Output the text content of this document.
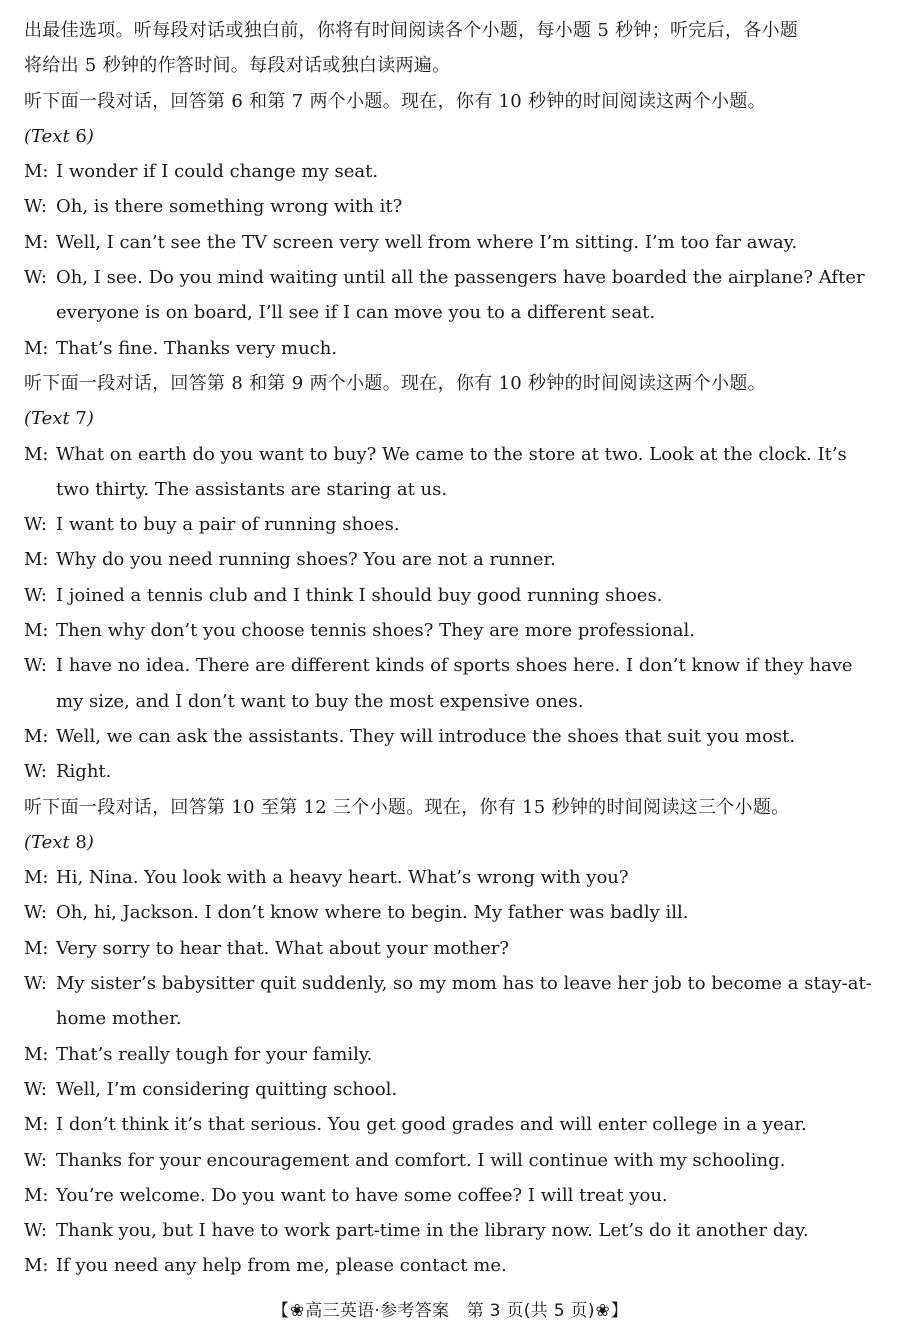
出最佳选项。听每段对话或独白前，你将有时间阅读各个小题，每小题 5 秒钟；听完后，各小题
将给出 5 秒钟的作答时间。每段对话或独白读两遍。
听下面一段对话，回答第 6 和第 7 两个小题。现在，你有 10 秒钟的时间阅读这两个小题。
(Text 6)
M: I wonder if I could change my seat.
W: Oh, is there something wrong with it?
M: Well, I can’t see the TV screen very well from where I’m sitting. I’m too far away.
W: Oh, I see. Do you mind waiting until all the passengers have boarded the airplane? After
everyone is on board, I’ll see if I can move you to a different seat.
M: That’s fine. Thanks very much.
听下面一段对话，回答第 8 和第 9 两个小题。现在，你有 10 秒钟的时间阅读这两个小题。
(Text 7)
M: What on earth do you want to buy? We came to the store at two. Look at the clock. It’s
two thirty. The assistants are staring at us.
W: I want to buy a pair of running shoes.
M: Why do you need running shoes? You are not a runner.
W: I joined a tennis club and I think I should buy good running shoes.
M: Then why don’t you choose tennis shoes? They are more professional.
W: I have no idea. There are different kinds of sports shoes here. I don’t know if they have
my size, and I don’t want to buy the most expensive ones.
M: Well, we can ask the assistants. They will introduce the shoes that suit you most.
W: Right.
听下面一段对话，回答第 10 至第 12 三个小题。现在，你有 15 秒钟的时间阅读这三个小题。
(Text 8)
M: Hi, Nina. You look with a heavy heart. What’s wrong with you?
W: Oh, hi, Jackson. I don’t know where to begin. My father was badly ill.
M: Very sorry to hear that. What about your mother?
W: My sister’s babysitter quit suddenly, so my mom has to leave her job to become a stay-at-
home mother.
M: That’s really tough for your family.
W: Well, I’m considering quitting school.
M: I don’t think it’s that serious. You get good grades and will enter college in a year.
W: Thanks for your encouragement and comfort. I will continue with my schooling.
M: You’re welcome. Do you want to have some coffee? I will treat you.
W: Thank you, but I have to work part-time in the library now. Let’s do it another day.
M: If you need any help from me, please contact me.
【❀高三英语·参考答案　第 3 页(共 5 页)❀】
